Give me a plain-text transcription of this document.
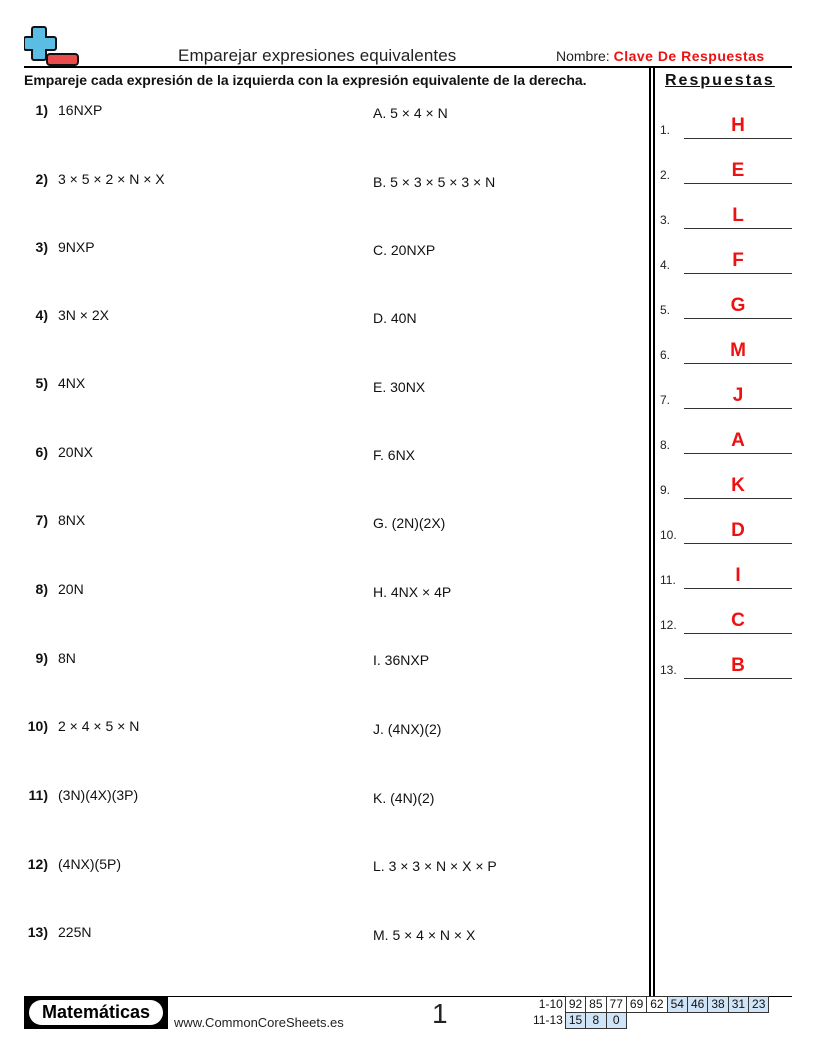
Emparejar expresiones equivalentes	Nombre: Clave De Respuestas
Empareje cada expresión de la izquierda con la expresión equivalente de la derecha.	Respuestas
1) 16NXP
2) 3 × 5 × 2 × N × X
3) 9NXP
4) 3N × 2X
5) 4NX
6) 20NX
7) 8NX
8) 20N
9) 8N
10) 2 × 4 × 5 × N
11) (3N)(4X)(3P)
12) (4NX)(5P)
13) 225N
A. 5 × 4 × N
B. 5 × 3 × 5 × 3 × N
C. 20NXP
D. 40N
E. 30NX
F. 6NX
G. (2N)(2X)
H. 4NX × 4P
I. 36NXP
J. (4NX)(2)
K. (4N)(2)
L. 3 × 3 × N × X × P
M. 5 × 4 × N × X
1.	H
2.	E
3.	L
4.	F
5.	G
6.	M
7.	J
8.	A
9.	K
10.	D
11.	I
12.	C
13.	B
Matemáticas
www.CommonCoreSheets.es	1	1-10	92	85	77	69	62	54	46	38	31	23
11-13	15	8	0							
